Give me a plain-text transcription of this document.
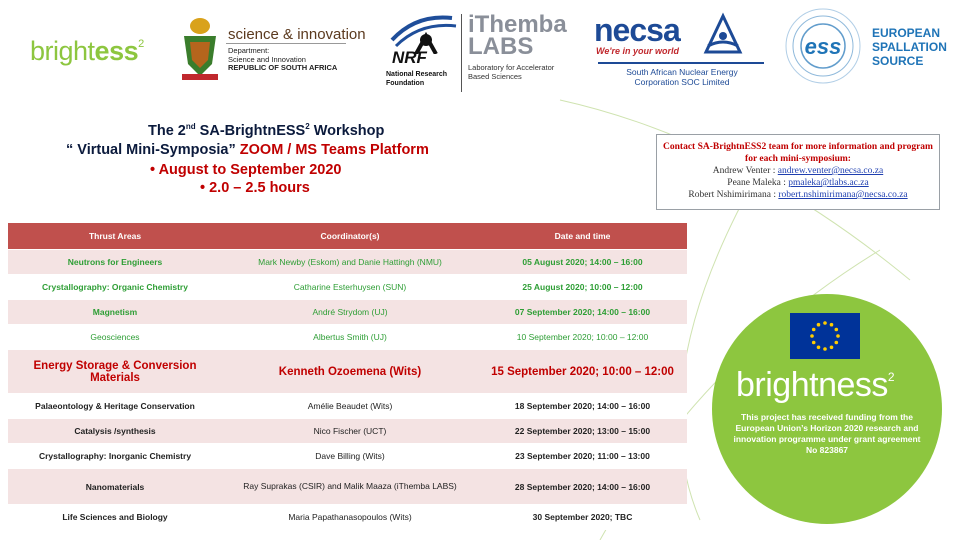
brightess$^2$
science & innovation
Department:
Science and Innovation
REPUBLIC OF SOUTH AFRICA
NRF
National Research
Foundation
iThemba
LABS
Laboratory for Accelerator
Based Sciences
necsa
We're in your world
South African Nuclear Energy
Corporation SOC Limited
ess
EUROPEAN
SPALLATION
SOURCE
The 2nd SA-BrightnESS$^2$ Workshop
“ Virtual Mini-Symposia” ZOOM / MS Teams Platform
• August to September 2020
• 2.0 – 2.5 hours
Contact SA-BrightnESS2 team for more information and program for each mini-symposium:
Andrew Venter : andrew.venter@necsa.co.za
Peane Maleka : pmaleka@tlabs.ac.za
Robert Nshimirimana : robert.nshimirimana@necsa.co.za
Thrust Areas	Coordinator(s)	Date and time
Neutrons for Engineers	Mark Newby (Eskom) and Danie Hattingh (NMU)	05 August 2020; 14:00 – 16:00
Crystallography: Organic Chemistry	Catharine Esterhuysen (SUN)	25 August 2020; 10:00 – 12:00
Magnetism	André Strydom (UJ)	07 September 2020; 14:00 – 16:00
Geosciences	Albertus Smith (UJ)	10 September 2020; 10:00 – 12:00
Energy Storage & Conversion Materials	Kenneth Ozoemena (Wits)	15 September 2020; 10:00 – 12:00
Palaeontology & Heritage Conservation	Amélie Beaudet (Wits)	18 September 2020; 14:00 – 16:00
Catalysis /synthesis	Nico Fischer (UCT)	22 September 2020; 13:00 – 15:00
Crystallography: Inorganic Chemistry	Dave Billing (Wits)	23 September 2020; 11:00 – 13:00
Nanomaterials	Ray Suprakas (CSIR) and Malik Maaza (iThemba LABS)	28 September 2020; 14:00 – 16:00
Life Sciences and Biology	Maria Papathanasopoulos (Wits)	30 September 2020; TBC
brightness$^2$
This project has received funding from the European Union’s Horizon 2020 research and innovation programme under grant agreement No 823867
